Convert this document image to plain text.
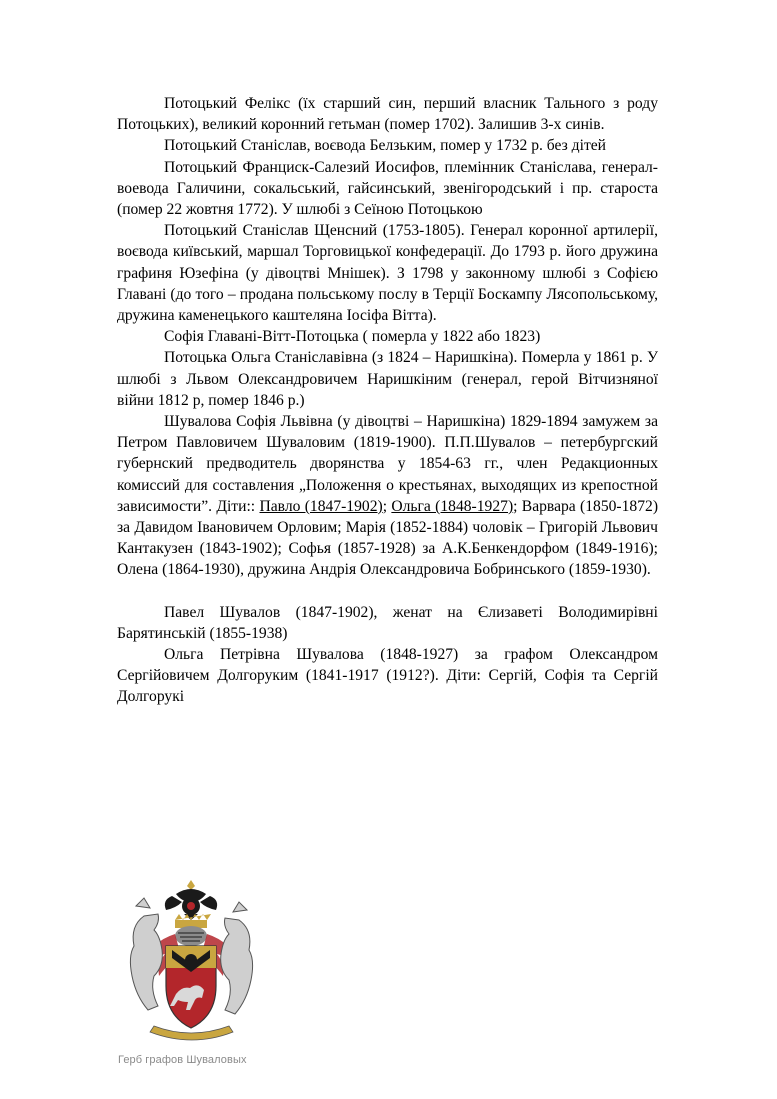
Потоцький Фелікс (їх старший син, перший власник Тального з роду Потоцьких), великий коронний гетьман (помер 1702). Залишив 3-х синів.

Потоцький Станіслав, воєвода Белзьким, помер у 1732 р. без дітей

Потоцький Франциск-Салезий Иосифов, племінник Станіслава, генерал-воевода Галичини, сокальський, гайсинський, звенігородський і пр. староста (помер 22 жовтня 1772). У шлюбі з Сеїною Потоцькою

Потоцький Станіслав Щенсний (1753-1805). Генерал коронної артилерії, воєвода київський, маршал Торговицької конфедерації. До 1793 р. його дружина графиня Юзефіна (у дівоцтві Мнішек). З 1798 у законному шлюбі з Софією Главані (до того – продана польському послу в Терції Боскампу Лясопольському, дружина каменецького каштеляна Іосіфа Вітта).

Софія Главані-Вітт-Потоцька ( померла у 1822 або 1823)

Потоцька Ольга Станіславівна (з 1824 – Наришкіна). Померла у 1861 р. У шлюбі з Львом Олександровичем Наришкіним (генерал, герой Вітчизняної війни 1812 р, помер 1846 р.)

Шувалова Софія Львівна (у дівоцтві – Наришкіна) 1829-1894 замужем за Петром Павловичем Шуваловим (1819-1900). П.П.Шувалов – петербургский губернский предводитель дворянства у 1854-63 гг., член Редакционных комиссий для составления „Положення о крестьянах, выходящих из крепостной зависимости”. Діти:: Павло (1847-1902); Ольга (1848-1927); Варвара (1850-1872) за Давидом Івановичем Орловим; Марія (1852-1884) чоловік – Григорій Львович Кантакузен (1843-1902); Софья (1857-1928) за А.К.Бенкендорфом (1849-1916); Олена (1864-1930), дружина Андрія Олександровича Бобринського (1859-1930).

Павел Шувалов (1847-1902), женат на Єлизаветі Володимирівні Барятинській (1855-1938)

Ольга Петрівна Шувалова (1848-1927) за графом Олександром Сергійовичем Долгоруким (1841-1917 (1912?). Діти: Сергій, Софія та Сергій Долгорукі

Герб графов Шуваловых
